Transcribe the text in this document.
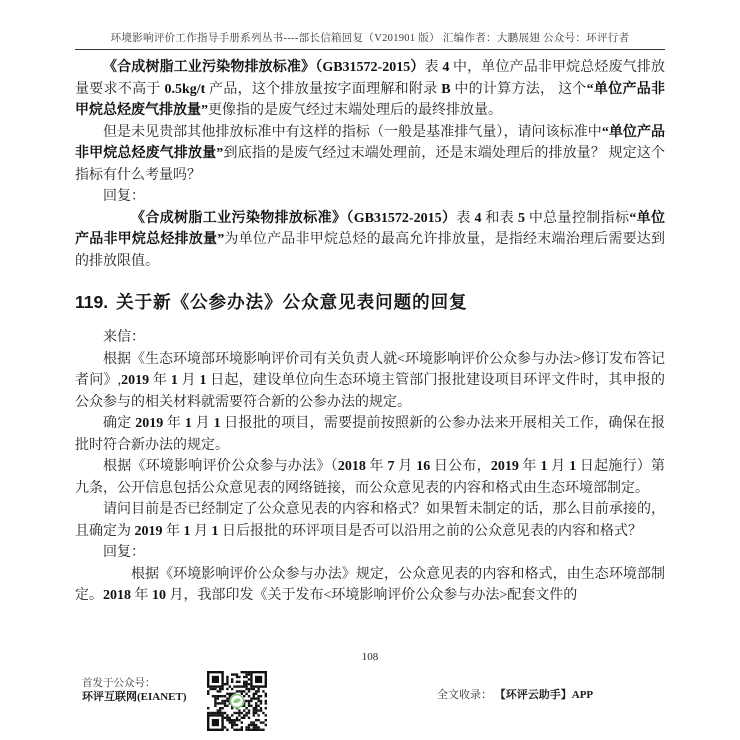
环境影响评价工作指导手册系列丛书----部长信箱回复（V201901 版） 汇编作者：大鹏展翅 公众号：环评行者

《合成树脂工业污染物排放标准》（GB31572-2015）表 4 中，单位产品非甲烷总烃废气排放量要求不高于 0.5kg/t 产品，这个排放量按字面理解和附录 B 中的计算方法， 这个“单位产品非甲烷总烃废气排放量”更像指的是废气经过末端处理后的最终排放量。

但是未见贵部其他排放标准中有这样的指标（一般是基准排气量），请问该标准中“单位产品非甲烷总烃废气排放量”到底指的是废气经过末端处理前，还是末端处理后的排放量？ 规定这个指标有什么考量吗？

回复：

《合成树脂工业污染物排放标准》（GB31572-2015）表 4 和表 5 中总量控制指标“单位产品非甲烷总烃排放量”为单位产品非甲烷总烃的最高允许排放量，是指经末端治理后需要达到的排放限值。

119. 关于新《公参办法》公众意见表问题的回复

来信：

根据《生态环境部环境影响评价司有关负责人就<环境影响评价公众参与办法>修订发布答记者问》,2019 年 1 月 1 日起，建设单位向生态环境主管部门报批建设项目环评文件时，其申报的公众参与的相关材料就需要符合新的公参办法的规定。

确定 2019 年 1 月 1 日报批的项目，需要提前按照新的公参办法来开展相关工作，确保在报批时符合新办法的规定。

根据《环境影响评价公众参与办法》（2018 年 7 月 16 日公布，2019 年 1 月 1 日起施行）第九条，公开信息包括公众意见表的网络链接，而公众意见表的内容和格式由生态环境部制定。

请问目前是否已经制定了公众意见表的内容和格式？如果暂未制定的话，那么目前承接的，且确定为 2019 年 1 月 1 日后报批的环评项目是否可以沿用之前的公众意见表的内容和格式？

回复：

根据《环境影响评价公众参与办法》规定，公众意见表的内容和格式，由生态环境部制定。2018 年 10 月，我部印发《关于发布<环境影响评价公众参与办法>配套文件的

108
首发于公众号：
环评互联网(EIANET)	全文收录： 【环评云助手】APP
